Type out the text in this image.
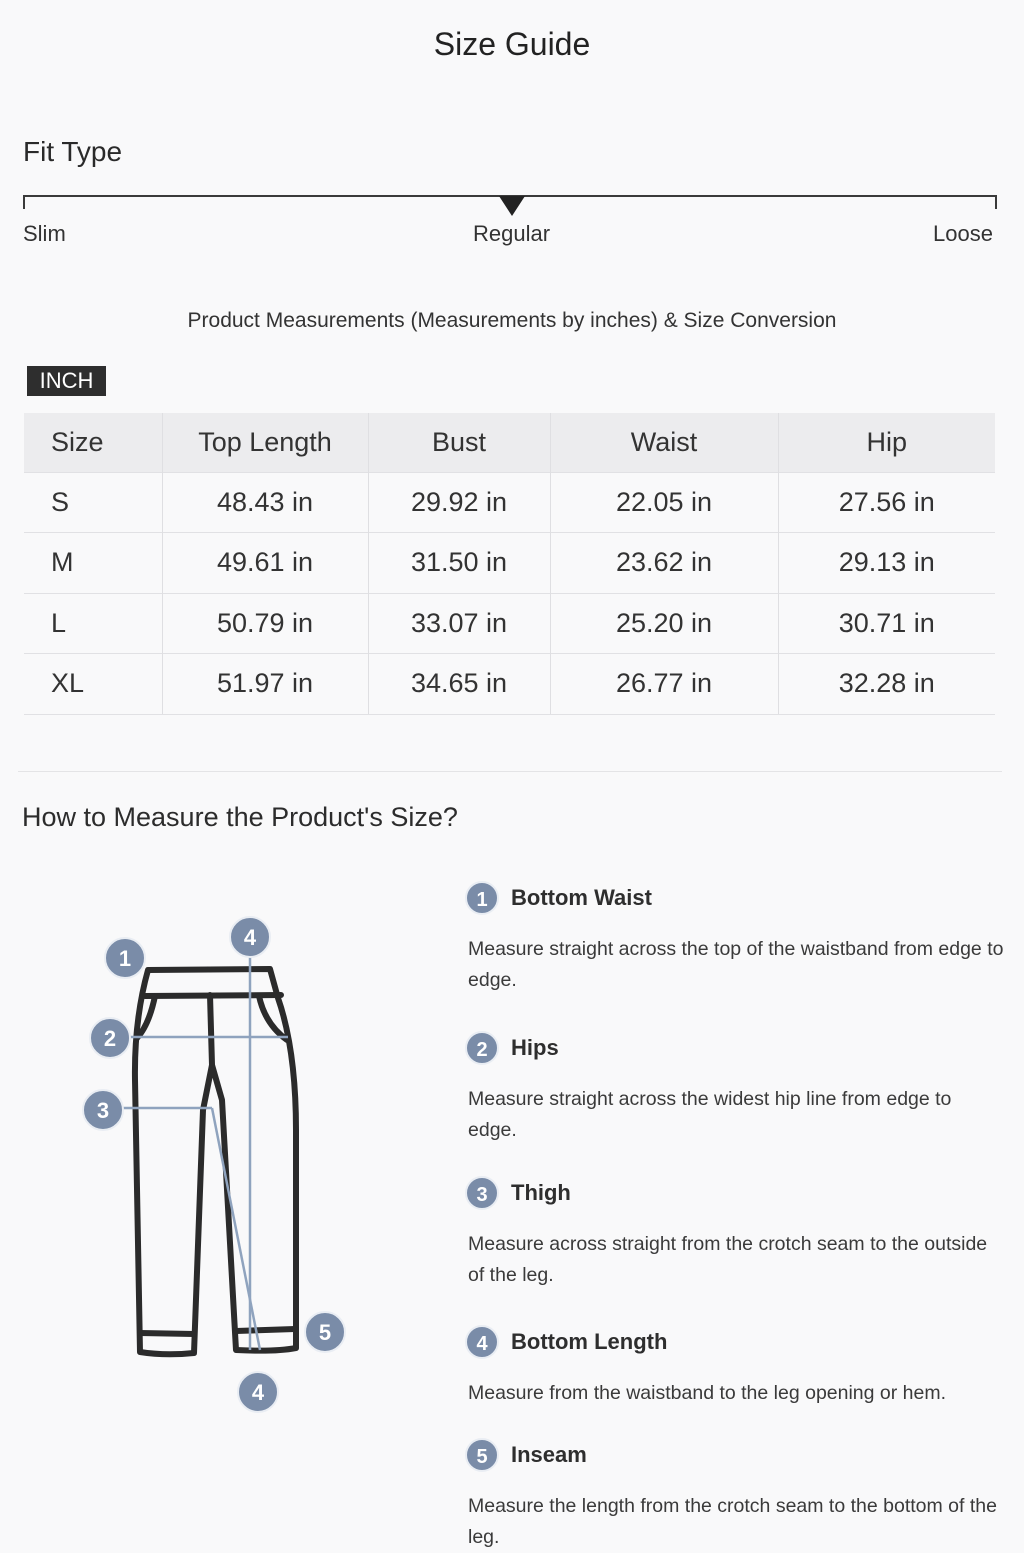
Size Guide
Fit Type
Slim	Regular	Loose
Product Measurements (Measurements by inches) & Size Conversion
INCH
Size	Top Length	Bust	Waist	Hip
S	48.43 in	29.92 in	22.05 in	27.56 in
M	49.61 in	31.50 in	23.62 in	29.13 in
L	50.79 in	33.07 in	25.20 in	30.71 in
XL	51.97 in	34.65 in	26.77 in	32.28 in
How to Measure the Product's Size?
1
2
3
4
4
5
1	Bottom Waist
Measure straight across the top of the waistband from edge to edge.
2	Hips
Measure straight across the widest hip line from edge to edge.
3	Thigh
Measure across straight from the crotch seam to the outside of the leg.
4	Bottom Length
Measure from the waistband to the leg opening or hem.
5	Inseam
Measure the length from the crotch seam to the bottom of the leg.
